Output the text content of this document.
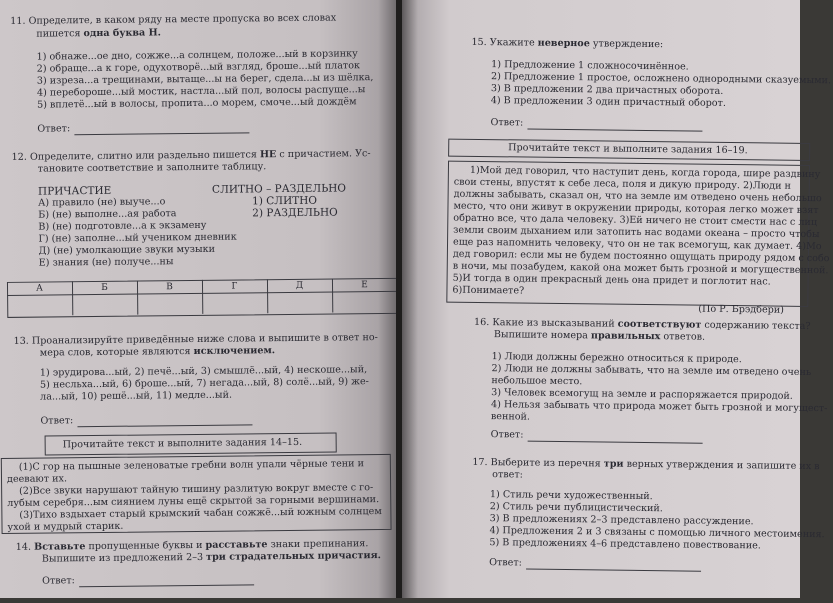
11. Определите, в каком ряду на месте пропуска во всех словах
пишется одна буква Н.
1) обнаже...ое дно, сожже...а солнцем, положе...ый в корзинку
2) обраще...а к горе, одухотворё...ый взгляд, броше...ый платок
3) изреза...а трещинами, вытаще...ы на берег, сдела...ы из шёлка,
4) перебороше...ый мостик, настла...ый пол, волосы распуще...ы
5) вплетё...ый в волосы, пропита...о морем, смоче...ый дождём
Ответ:
12. Определите, слитно или раздельно пишется НЕ с причастием. Ус-
тановите соответствие и заполните таблицу.
ПРИЧАСТИЕ	СЛИТНО – РАЗДЕЛЬНО
А) правило (не) выуче...о
Б) (не) выполне...ая работа
В) (не) подготовле...а к экзамену
Г) (не) заполне...ый учеником дневник
Д) (не) умолкающие звуки музыки
Е) знания (не) получе...ны
1) СЛИТНО
2) РАЗДЕЛЬНО
А	Б	В	Г	Д	Е
13. Проанализируйте приведённые ниже слова и выпишите в ответ но-
мера слов, которые являются исключением.
1) эрудирова...ый, 2) печё...ый, 3) смышлё...ый, 4) нескоше...ый,
5) несльха...ый, 6) броше...ый, 7) негада...ый, 8) солё...ый, 9) же-
ла...ый, 10) решё...ый, 11) медле...ый.
Ответ:
Прочитайте текст и выполните задания 14–15.
(1)С гор на пышные зеленоватые гребни волн упали чёрные тени и
деевают их.
(2)Все звуки нарушают тайную тишину разлитую вокруг вместе с го-
лубым серебря...ым сиянием луны ещё скрытой за горными вершинами.
(3)Тихо вздыхает старый крымский чабан сожжё...ый южным солнцем
ухой и мудрый старик.
14. Вставьте пропущенные буквы и расставьте знаки препинания.
Выпишите из предложений 2–3 три страдательных причастия.
Ответ:
15. Укажите неверное утверждение:
1) Предложение 1 сложносочинённое.
2) Предложение 1 простое, осложнено однородными сказуемыми.
3) В предложении 2 два причастных оборота.
4) В предложении 3 один причастный оборот.
Ответ:
Прочитайте текст и выполните задания 16–19.
1)Мой дед говорил, что наступит день, когда города, шире раздвину
свои стены, впустят к себе леса, поля и дикую природу. 2)Люди н
должны забывать, сказал он, что на земле им отведено очень небольшо
место, что они живут в окружении природы, которая легко может взят
обратно все, что дала человеку. 3)Ей ничего не стоит смести нас с лиц
земли своим дыханием или затопить нас водами океана – просто чтобы
еще раз напомнить человеку, что он не так всемогущ, как думает. 4)Мо
дед говорил: если мы не будем постоянно ощущать природу рядом с собо
в ночи, мы позабудем, какой она может быть грозной и могущественной.
5)И тогда в один прекрасный день она придет и поглотит нас.
6)Понимаете?
(По Р. Брэдбери)
16. Какие из высказываний соответствуют содержанию текста?
Выпишите номера правильных ответов.
1) Люди должны бережно относиться к природе.
2) Люди не должны забывать, что на земле им отведено очень
небольшое место.
3) Человек всемогущ на земле и распоряжается природой.
4) Нельзя забывать что природа может быть грозной и могущест-
венной.
Ответ:
17. Выберите из перечня три верных утверждения и запишите их в
ответ:
1) Стиль речи художественный.
2) Стиль речи публицистический.
3) В предложениях 2–3 представлено рассуждение.
4) Предложения 2 и 3 связаны с помощью личного местоимения.
5) В предложениях 4–6 представлено повествование.
Ответ:
